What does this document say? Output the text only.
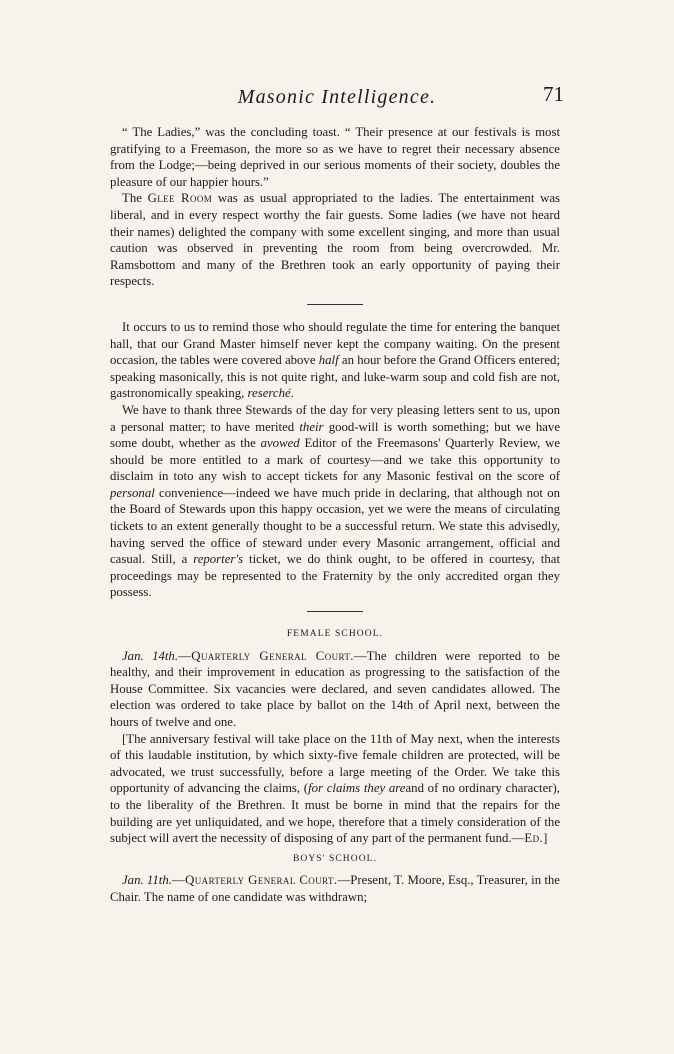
Masonic Intelligence.	71

“ The Ladies,” was the concluding toast. “ Their presence at our festivals is most gratifying to a Freemason, the more so as we have to regret their necessary absence from the Lodge;—being deprived in our serious moments of their society, doubles the pleasure of our happier hours.”

The Glee Room was as usual appropriated to the ladies. The entertainment was liberal, and in every respect worthy the fair guests. Some ladies (we have not heard their names) delighted the company with some excellent singing, and more than usual caution was observed in preventing the room from being overcrowded. Mr. Ramsbottom and many of the Brethren took an early opportunity of paying their respects.

It occurs to us to remind those who should regulate the time for entering the banquet hall, that our Grand Master himself never kept the company waiting. On the present occasion, the tables were covered above half an hour before the Grand Officers entered; speaking masonically, this is not quite right, and luke-warm soup and cold fish are not, gastronomically speaking, reserché.

We have to thank three Stewards of the day for very pleasing letters sent to us, upon a personal matter; to have merited their good-will is worth something; but we have some doubt, whether as the avowed Editor of the Freemasons' Quarterly Review, we should be more entitled to a mark of courtesy—and we take this opportunity to disclaim in toto any wish to accept tickets for any Masonic festival on the score of personal convenience—indeed we have much pride in declaring, that although not on the Board of Stewards upon this happy occasion, yet we were the means of circulating tickets to an extent generally thought to be a successful return. We state this advisedly, having served the office of steward under every Masonic arrangement, official and casual. Still, a reporter's ticket, we do think ought, to be offered in courtesy, that proceedings may be represented to the Fraternity by the only accredited organ they possess.

FEMALE SCHOOL.

Jan. 14th.—Quarterly General Court.—The children were reported to be healthy, and their improvement in education as progressing to the satisfaction of the House Committee. Six vacancies were declared, and seven candidates allowed. The election was ordered to take place by ballot on the 14th of April next, between the hours of twelve and one.

[The anniversary festival will take place on the 11th of May next, when the interests of this laudable institution, by which sixty-five female children are protected, will be advocated, we trust successfully, before a large meeting of the Order. We take this opportunity of advancing the claims, (for claims they areand of no ordinary character), to the liberality of the Brethren. It must be borne in mind that the repairs for the building are yet unliquidated, and we hope, therefore that a timely consideration of the subject will avert the necessity of disposing of any part of the permanent fund.—Ed.]

BOYS' SCHOOL.

Jan. 11th.—Quarterly General Court.—Present, T. Moore, Esq., Treasurer, in the Chair. The name of one candidate was withdrawn;
